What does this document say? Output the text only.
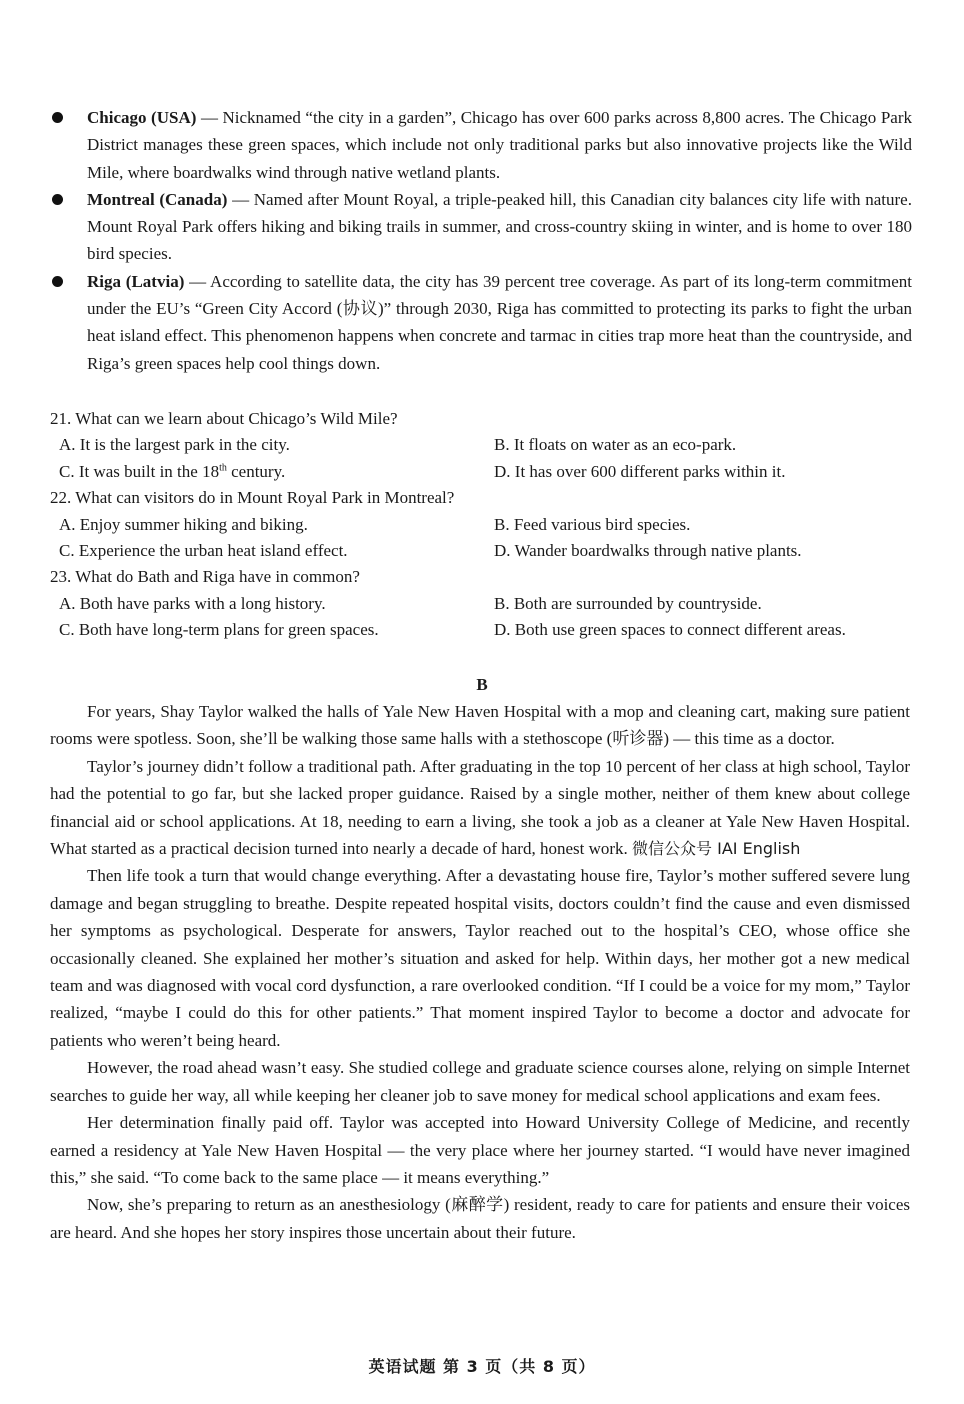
Chicago (USA) — Nicknamed “the city in a garden”, Chicago has over 600 parks across 8,800 acres. The Chicago Park District manages these green spaces, which include not only traditional parks but also innovative projects like the Wild Mile, where boardwalks wind through native wetland plants.
Montreal (Canada) — Named after Mount Royal, a triple-peaked hill, this Canadian city balances city life with nature. Mount Royal Park offers hiking and biking trails in summer, and cross-country skiing in winter, and is home to over 180 bird species.
Riga (Latvia) — According to satellite data, the city has 39 percent tree coverage. As part of its long-term commitment under the EU’s “Green City Accord (协议)” through 2030, Riga has committed to protecting its parks to fight the urban heat island effect. This phenomenon happens when concrete and tarmac in cities trap more heat than the countryside, and Riga’s green spaces help cool things down.
21. What can we learn about Chicago’s Wild Mile?
A. It is the largest park in the city.	B. It floats on water as an eco-park.
C. It was built in the 18th century.	D. It has over 600 different parks within it.
22. What can visitors do in Mount Royal Park in Montreal?
A. Enjoy summer hiking and biking.	B. Feed various bird species.
C. Experience the urban heat island effect.	D. Wander boardwalks through native plants.
23. What do Bath and Riga have in common?
A. Both have parks with a long history.	B. Both are surrounded by countryside.
C. Both have long-term plans for green spaces.	D. Both use green spaces to connect different areas.
B

For years, Shay Taylor walked the halls of Yale New Haven Hospital with a mop and cleaning cart, making sure patient rooms were spotless. Soon, she’ll be walking those same halls with a stethoscope (听诊器) — this time as a doctor.

Taylor’s journey didn’t follow a traditional path. After graduating in the top 10 percent of her class at high school, Taylor had the potential to go far, but she lacked proper guidance. Raised by a single mother, neither of them knew about college financial aid or school applications. At 18, needing to earn a living, she took a job as a cleaner at Yale New Haven Hospital. What started as a practical decision turned into nearly a decade of hard, honest work. 微信公众号 IAI English

Then life took a turn that would change everything. After a devastating house fire, Taylor’s mother suffered severe lung damage and began struggling to breathe. Despite repeated hospital visits, doctors couldn’t find the cause and even dismissed her symptoms as psychological. Desperate for answers, Taylor reached out to the hospital’s CEO, whose office she occasionally cleaned. She explained her mother’s situation and asked for help. Within days, her mother got a new medical team and was diagnosed with vocal cord dysfunction, a rare overlooked condition. “If I could be a voice for my mom,” Taylor realized, “maybe I could do this for other patients.” That moment inspired Taylor to become a doctor and advocate for patients who weren’t being heard.

However, the road ahead wasn’t easy. She studied college and graduate science courses alone, relying on simple Internet searches to guide her way, all while keeping her cleaner job to save money for medical school applications and exam fees.

Her determination finally paid off. Taylor was accepted into Howard University College of Medicine, and recently earned a residency at Yale New Haven Hospital — the very place where her journey started. “I would have never imagined this,” she said. “To come back to the same place — it means everything.”

Now, she’s preparing to return as an anesthesiology (麻醉学) resident, ready to care for patients and ensure their voices are heard. And she hopes her story inspires those uncertain about their future.

英语试题 第 3 页（共 8 页）
